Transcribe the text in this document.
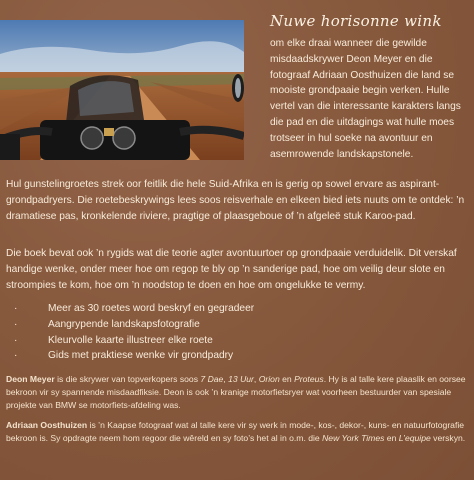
Nuwe horisonne wink
om elke draai wanneer die gewilde misdaadskrywer Deon Meyer en die fotograaf Adriaan Oosthuizen die land se mooiste grondpaaie begin verken. Hulle vertel van die interessante karakters langs die pad en die uitdagings wat hulle moes trotseer in hul soeke na avontuur en asemrowende landskapstonele.

Hul gunstelingroetes strek oor feitlik die hele Suid-Afrika en is gerig op sowel ervare as aspirant-grondpadryers. Die roetebeskrywings lees soos reisverhale en elkeen bied iets nuuts om te ontdek: ’n dramatiese pas, kronkelende riviere, pragtige of plaasgeboue of ’n afgeleë stuk Karoo-pad.

Die boek bevat ook ’n rygids wat die teorie agter avontuurtoer op grondpaaie verduidelik. Dit verskaf handige wenke, onder meer hoe om regop te bly op ’n sanderige pad, hoe om veilig deur slote en stroompies te kom, hoe om ’n noodstop te doen en hoe om ongelukke te vermy.

·	Meer as 30 roetes word beskryf en gegradeer
·	Aangrypende landskapsfotografie
·	Kleurvolle kaarte illustreer elke roete
·	Gids met praktiese wenke vir grondpadry

Deon Meyer is die skrywer van topverkopers soos 7 Dae, 13 Uur, Orion en Proteus. Hy is al talle kere plaaslik en oorsee bekroon vir sy spannende misdaadfiksie. Deon is ook ’n kranige motorfietsryer wat voorheen bestuurder van spesiale projekte van BMW se motorfiets-afdeling was.

Adriaan Oosthuizen is ’n Kaapse fotograaf wat al talle kere vir sy werk in mode-, kos-, dekor-, kuns- en natuurfotografie bekroon is. Sy opdragte neem hom regoor die wêreld en sy foto’s het al in o.m. die New York Times en L’equipe verskyn.
